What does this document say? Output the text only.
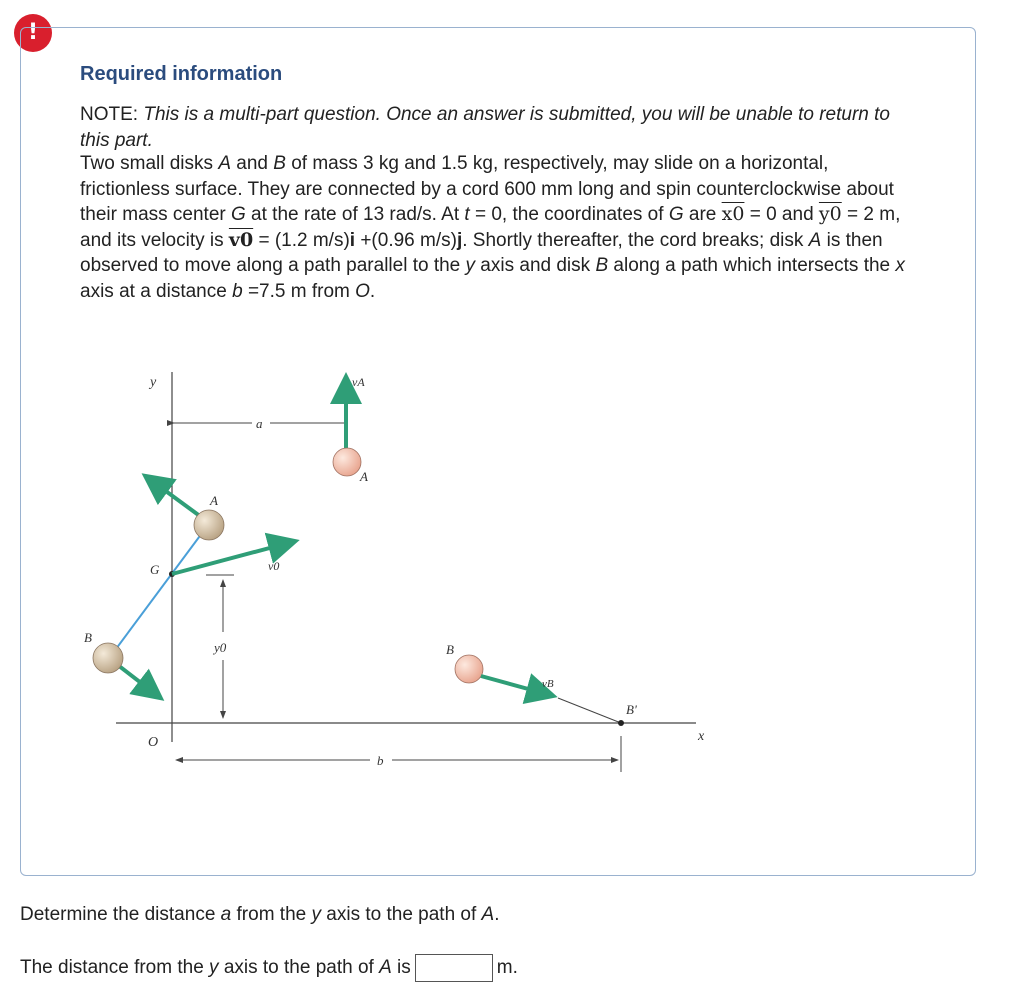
!
Required information
NOTE: This is a multi-part question. Once an answer is submitted, you will be unable to return to this part.
Two small disks A and B of mass 3 kg and 1.5 kg, respectively, may slide on a horizontal, frictionless surface. They are connected by a cord 600 mm long and spin counterclockwise about their mass center G at the rate of 13 rad/s. At t = 0, the coordinates of G are x0 = 0 and y0 = 2 m, and its velocity is v0 = (1.2 m/s)i +(0.96 m/s)j. Shortly thereafter, the cord breaks; disk A is then observed to move along a path parallel to the y axis and disk B along a path which intersects the x axis at a distance b =7.5 m from O.
y
x
O
a
vA
A
A
G	v0
y0
B
B
vB
B'
b
Determine the distance a from the y axis to the path of A.
The distance from the y axis to the path of A is	m.
